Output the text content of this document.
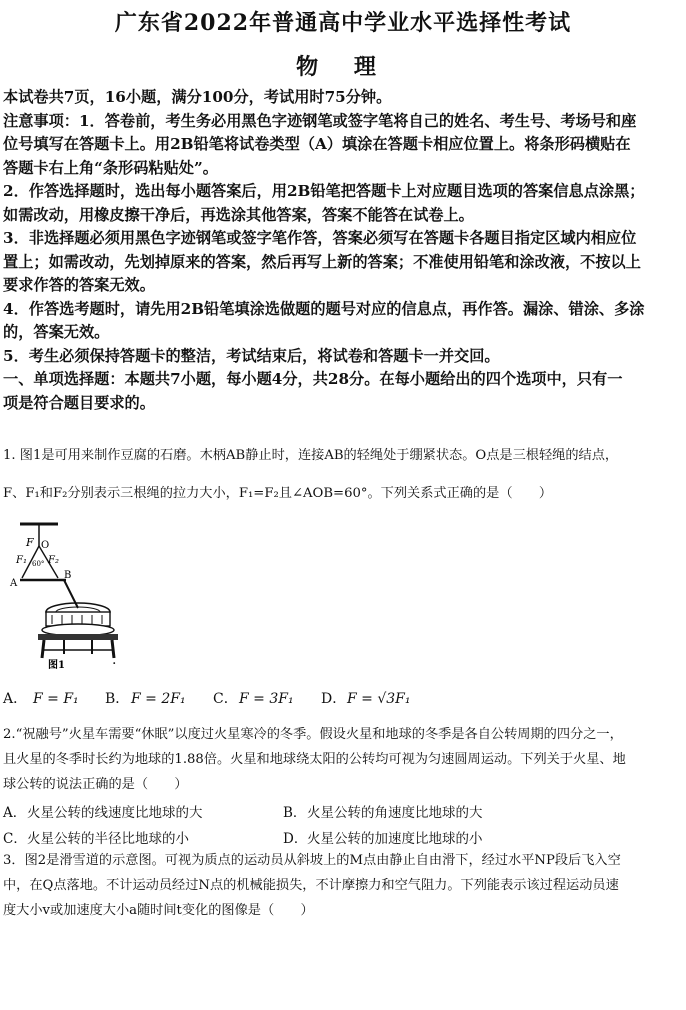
广东省2022年普通高中学业水平选择性考试
物 理

本试卷共7页，16小题，满分100分，考试用时75分钟。

注意事项：1．答卷前，考生务必用黑色字迹钢笔或签字笔将自己的姓名、考生号、考场号和座

位号填写在答题卡上。用2B铅笔将试卷类型（A）填涂在答题卡相应位置上。将条形码横贴在

答题卡右上角“条形码粘贴处”。

2．作答选择题时，选出每小题答案后，用2B铅笔把答题卡上对应题目选项的答案信息点涂黑；

如需改动，用橡皮擦干净后，再选涂其他答案，答案不能答在试卷上。

3．非选择题必须用黑色字迹钢笔或签字笔作答，答案必须写在答题卡各题目指定区域内相应位

置上；如需改动，先划掉原来的答案，然后再写上新的答案；不准使用铅笔和涂改液，不按以上

要求作答的答案无效。

4．作答选考题时，请先用2B铅笔填涂选做题的题号对应的信息点，再作答。漏涂、错涂、多涂

的，答案无效。

5．考生必须保持答题卡的整洁，考试结束后，将试卷和答题卡一并交回。

一、单项选择题：本题共7小题，每小题4分，共28分。在每小题给出的四个选项中，只有一

项是符合题目要求的。

1. 图1是可用来制作豆腐的石磨。木柄AB静止时，连接AB的轻绳处于绷紧状态。O点是三根轻绳的结点，

F、F₁和F₂分别表示三根绳的拉力大小，F₁=F₂且∠AOB=60°。下列关系式正确的是（　　）

F O
F₁ F₂
60°
A
B
图1	.
A． F = F₁	B． F = 2F₁	C． F = 3F₁	D． F = √3F₁

2.“祝融号”火星车需要“休眠”以度过火星寒冷的冬季。假设火星和地球的冬季是各自公转周期的四分之一，

且火星的冬季时长约为地球的1.88倍。火星和地球绕太阳的公转均可视为匀速圆周运动。下列关于火星、地

球公转的说法正确的是（　　）

A． 火星公转的线速度比地球的大	B． 火星公转的角速度比地球的大
C． 火星公转的半径比地球的小	D． 火星公转的加速度比地球的小

3．图2是滑雪道的示意图。可视为质点的运动员从斜坡上的M点由静止自由滑下，经过水平NP段后飞入空

中，在Q点落地。不计运动员经过N点的机械能损失，不计摩擦力和空气阻力。下列能表示该过程运动员速

度大小v或加速度大小a随时间t变化的图像是（　　）
